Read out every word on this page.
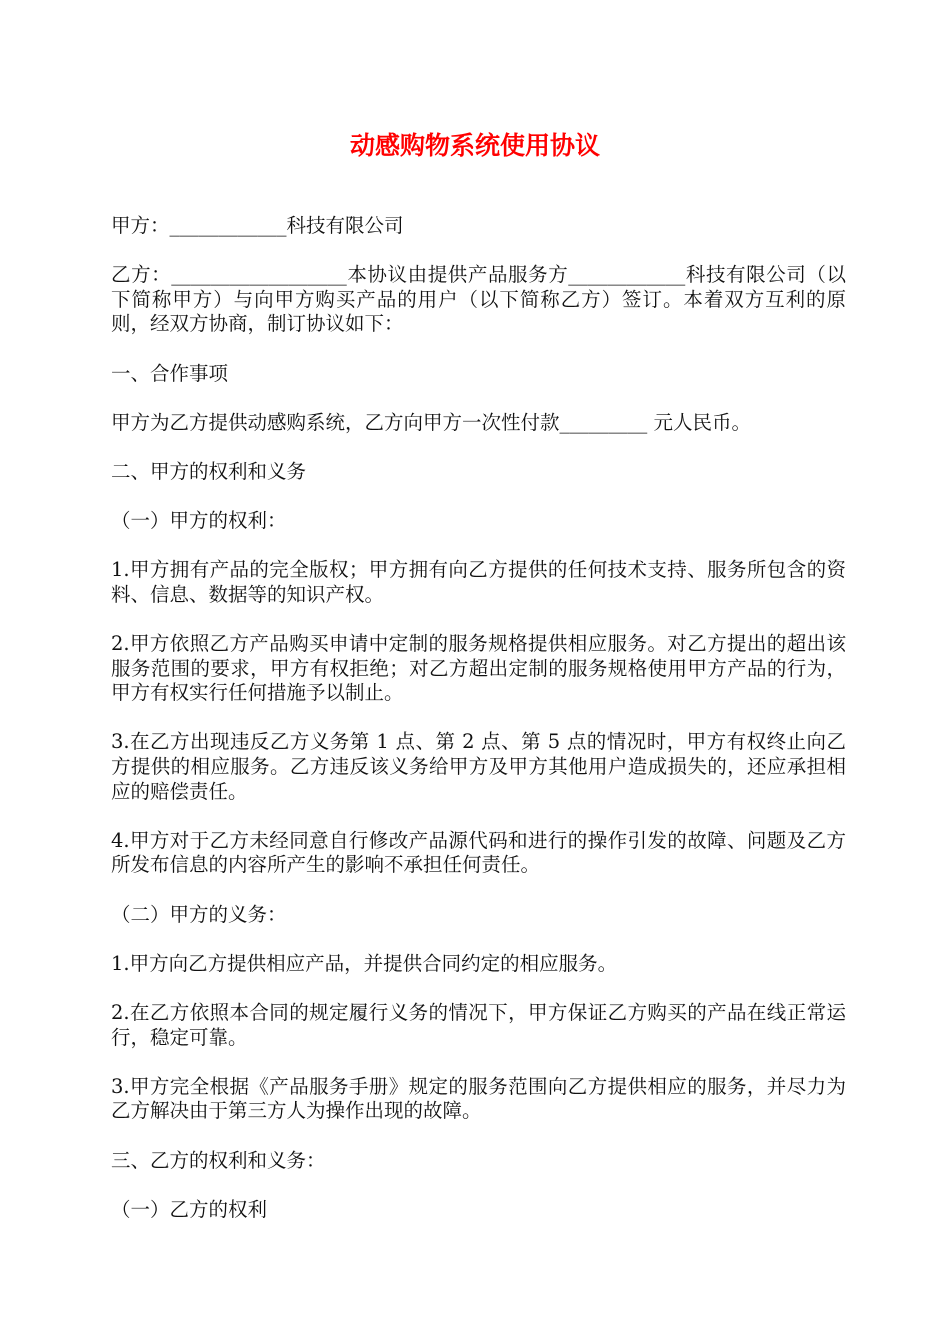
动感购物系统使用协议

甲方：____________科技有限公司

乙方：__________________本协议由提供产品服务方____________科技有限公司（以下简称甲方）与向甲方购买产品的用户（以下简称乙方）签订。本着双方互利的原则，经双方协商，制订协议如下：

一、合作事项

甲方为乙方提供动感购系统，乙方向甲方一次性付款_________ 元人民币。

二、甲方的权利和义务

（一）甲方的权利：

1.甲方拥有产品的完全版权；甲方拥有向乙方提供的任何技术支持、服务所包含的资料、信息、数据等的知识产权。

2.甲方依照乙方产品购买申请中定制的服务规格提供相应服务。对乙方提出的超出该服务范围的要求，甲方有权拒绝；对乙方超出定制的服务规格使用甲方产品的行为，甲方有权实行任何措施予以制止。

3.在乙方出现违反乙方义务第 1 点、第 2 点、第 5 点的情况时，甲方有权终止向乙方提供的相应服务。乙方违反该义务给甲方及甲方其他用户造成损失的，还应承担相应的赔偿责任。

4.甲方对于乙方未经同意自行修改产品源代码和进行的操作引发的故障、问题及乙方所发布信息的内容所产生的影响不承担任何责任。

（二）甲方的义务：

1.甲方向乙方提供相应产品，并提供合同约定的相应服务。

2.在乙方依照本合同的规定履行义务的情况下，甲方保证乙方购买的产品在线正常运行，稳定可靠。

3.甲方完全根据《产品服务手册》规定的服务范围向乙方提供相应的服务，并尽力为乙方解决由于第三方人为操作出现的故障。

三、乙方的权利和义务：

（一）乙方的权利
